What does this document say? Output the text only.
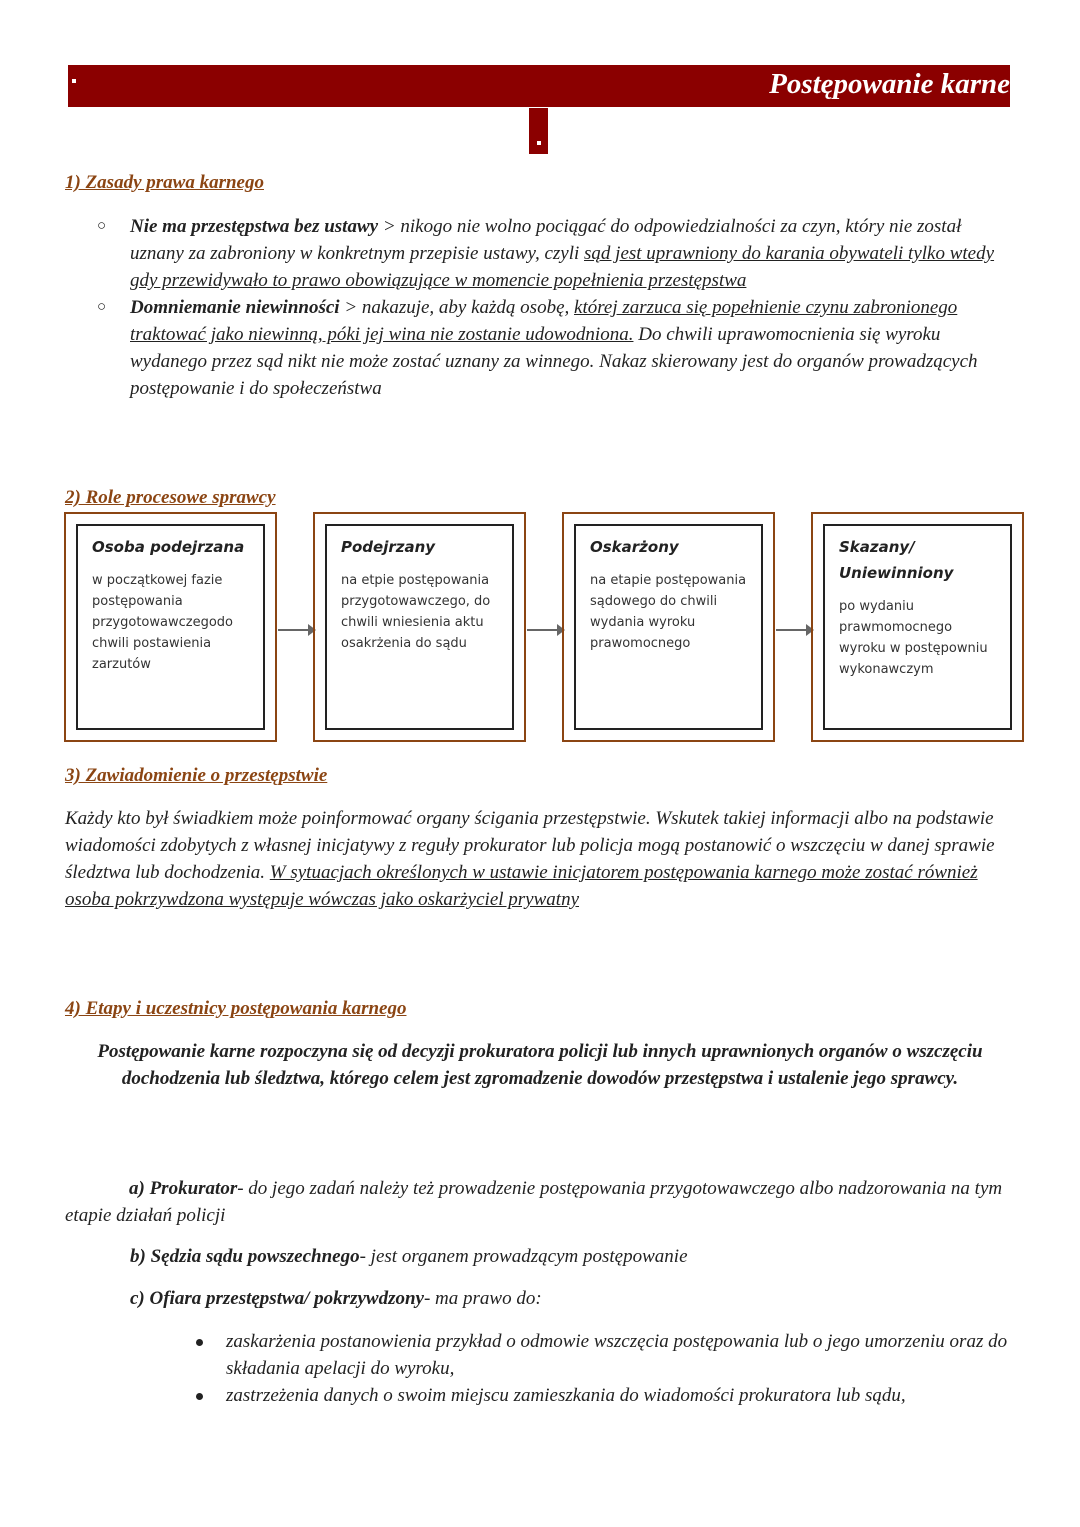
Postępowanie karne
1) Zasady prawa karnego
○ Nie ma przestępstwa bez ustawy > nikogo nie wolno pociągać do odpowiedzialności za czyn, który nie został uznany za zabroniony w konkretnym przepisie ustawy, czyli sąd jest uprawniony do karania obywateli tylko wtedy gdy przewidywało to prawo obowiązujące w momencie popełnienia przestępstwa
○ Domniemanie niewinności > nakazuje, aby każdą osobę, której zarzuca się popełnienie czynu zabronionego traktować jako niewinną, póki jej wina nie zostanie udowodniona. Do chwili uprawomocnienia się wyroku wydanego przez sąd nikt nie może zostać uznany za winnego. Nakaz skierowany jest do organów prowadzących postępowanie i do społeczeństwa
2) Role procesowe sprawcy
Osoba podejrzana
w początkowej fazie postępowania przygotowawczegodo chwili postawienia zarzutów
Podejrzany
na etpie postępowania przygotowawczego, do chwili wniesienia aktu osakrżenia do sądu
Oskarżony
na etapie postępowania sądowego do chwili wydania wyroku prawomocnego
Skazany/ Uniewinniony
po wydaniu prawmomocnego wyroku w postępowniu wykonawczym
3) Zawiadomienie o przestępstwie

Każdy kto był świadkiem może poinformować organy ścigania przestępstwie. Wskutek takiej informacji albo na podstawie wiadomości zdobytych z własnej inicjatywy z reguły prokurator lub policja mogą postanowić o wszczęciu w danej sprawie śledztwa lub dochodzenia. W sytuacjach określonych w ustawie inicjatorem postępowania karnego może zostać również osoba pokrzywdzona występuje wówczas jako oskarżyciel prywatny

4) Etapy i uczestnicy postępowania karnego

Postępowanie karne rozpoczyna się od decyzji prokuratora policji lub innych uprawnionych organów o wszczęciu dochodzenia lub śledztwa, którego celem jest zgromadzenie dowodów przestępstwa i ustalenie jego sprawcy.

a) Prokurator- do jego zadań należy też prowadzenie postępowania przygotowawczego albo nadzorowania na tym etapie działań policji

b) Sędzia sądu powszechnego- jest organem prowadzącym postępowanie

c) Ofiara przestępstwa/ pokrzywdzony- ma prawo do:

zaskarżenia postanowienia przykład o odmowie wszczęcia postępowania lub o jego umorzeniu oraz do składania apelacji do wyroku,
zastrzeżenia danych o swoim miejscu zamieszkania do wiadomości prokuratora lub sądu,
